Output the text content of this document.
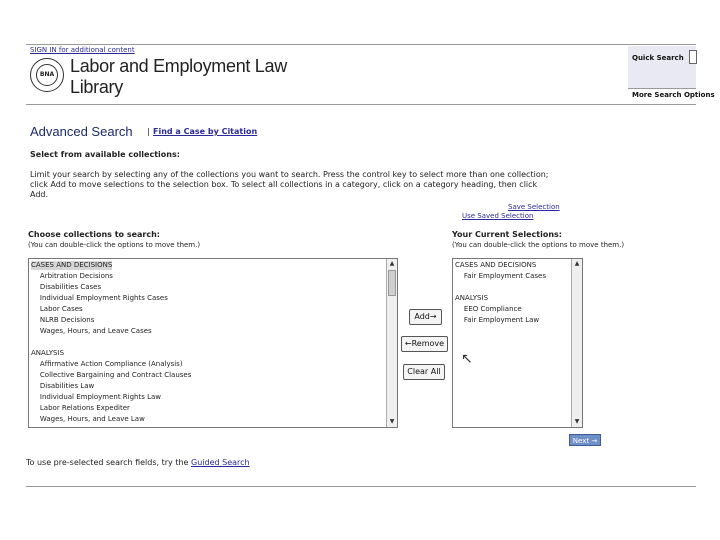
SIGN IN for additional content
BNA Labor and Employment Law
Library
Quick Search
More Search Options
Advanced Search | Find a Case by Citation
Select from available collections:
Limit your search by selecting any of the collections you want to search. Press the control key to select more than one collection; click Add to move selections to the selection box. To select all collections in a category, click on a category heading, then click Add.
Save Selection
Use Saved Selection
Choose collections to search:
(You can double-click the options to move them.)
CASES AND DECISIONS
Arbitration Decisions
Disabilities Cases
Individual Employment Rights Cases
Labor Cases
NLRB Decisions
Wages, Hours, and Leave Cases
ANALYSIS
Affirmative Action Compliance (Analysis)
Collective Bargaining and Contract Clauses
Disabilities Law
Individual Employment Rights Law
Labor Relations Expediter
Wages, Hours, and Leave Law
▲
▼
Add→
←Remove
Clear All
Your Current Selections:
(You can double-click the options to move them.)
CASES AND DECISIONS
Fair Employment Cases
ANALYSIS
EEO Compliance
Fair Employment Law
▲
▼
Next →
To use pre-selected search fields, try the Guided Search
↖
